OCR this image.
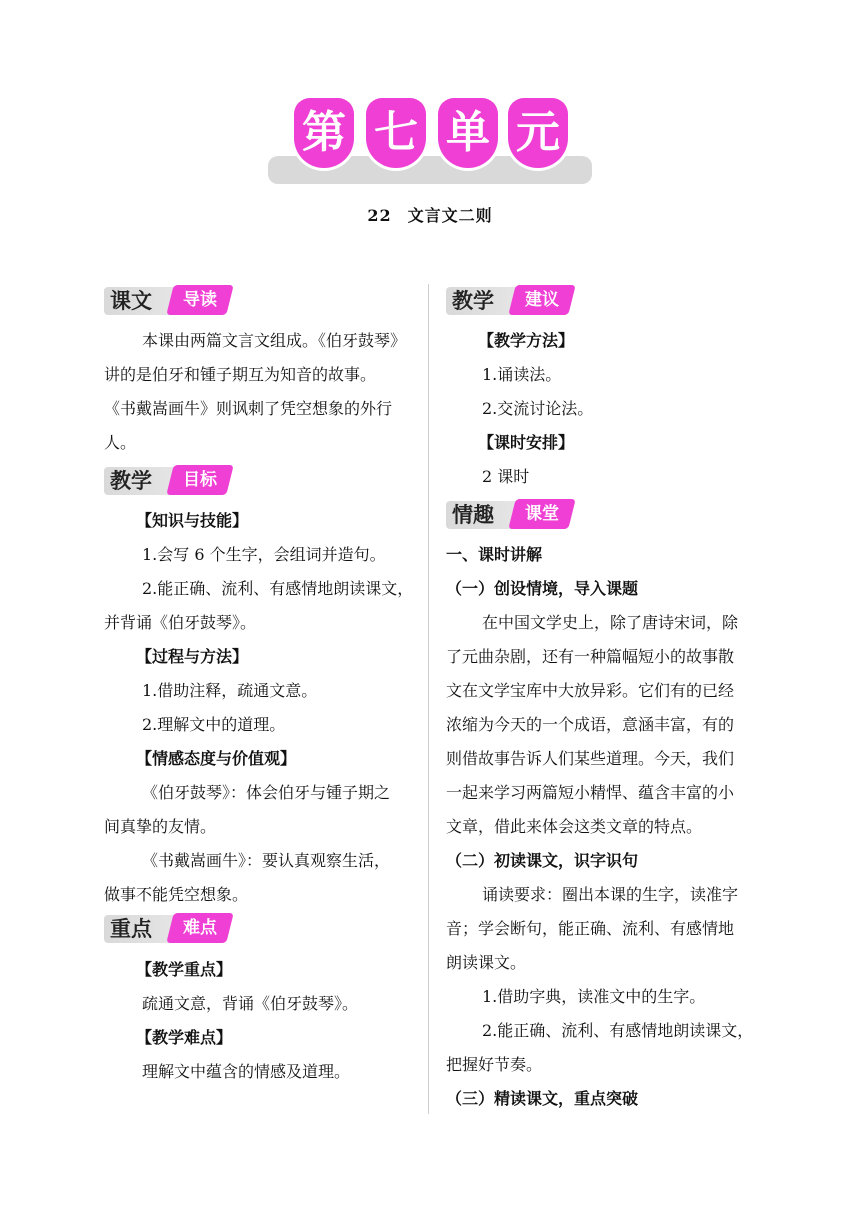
第 七 单 元
22 文言文二则
课文	导读
本课由两篇文言文组成。《伯牙鼓琴》
讲的是伯牙和锺子期互为知音的故事。
《书戴嵩画牛》则讽刺了凭空想象的外行
人。
教学	目标
【知识与技能】
1.会写 6 个生字，会组词并造句。
2.能正确、流利、有感情地朗读课文，
并背诵《伯牙鼓琴》。
【过程与方法】
1.借助注释，疏通文意。
2.理解文中的道理。
【情感态度与价值观】
《伯牙鼓琴》：体会伯牙与锺子期之
间真挚的友情。
《书戴嵩画牛》：要认真观察生活，
做事不能凭空想象。
重点	难点
【教学重点】
疏通文意，背诵《伯牙鼓琴》。
【教学难点】
理解文中蕴含的情感及道理。
教学	建议
【教学方法】
1.诵读法。
2.交流讨论法。
【课时安排】
2 课时
情趣	课堂
一、课时讲解
（一）创设情境，导入课题
在中国文学史上，除了唐诗宋词，除
了元曲杂剧，还有一种篇幅短小的故事散
文在文学宝库中大放异彩。它们有的已经
浓缩为今天的一个成语，意涵丰富，有的
则借故事告诉人们某些道理。今天，我们
一起来学习两篇短小精悍、蕴含丰富的小
文章，借此来体会这类文章的特点。
（二）初读课文，识字识句
诵读要求：圈出本课的生字，读准字
音；学会断句，能正确、流利、有感情地
朗读课文。
1.借助字典，读准文中的生字。
2.能正确、流利、有感情地朗读课文，
把握好节奏。
（三）精读课文，重点突破
